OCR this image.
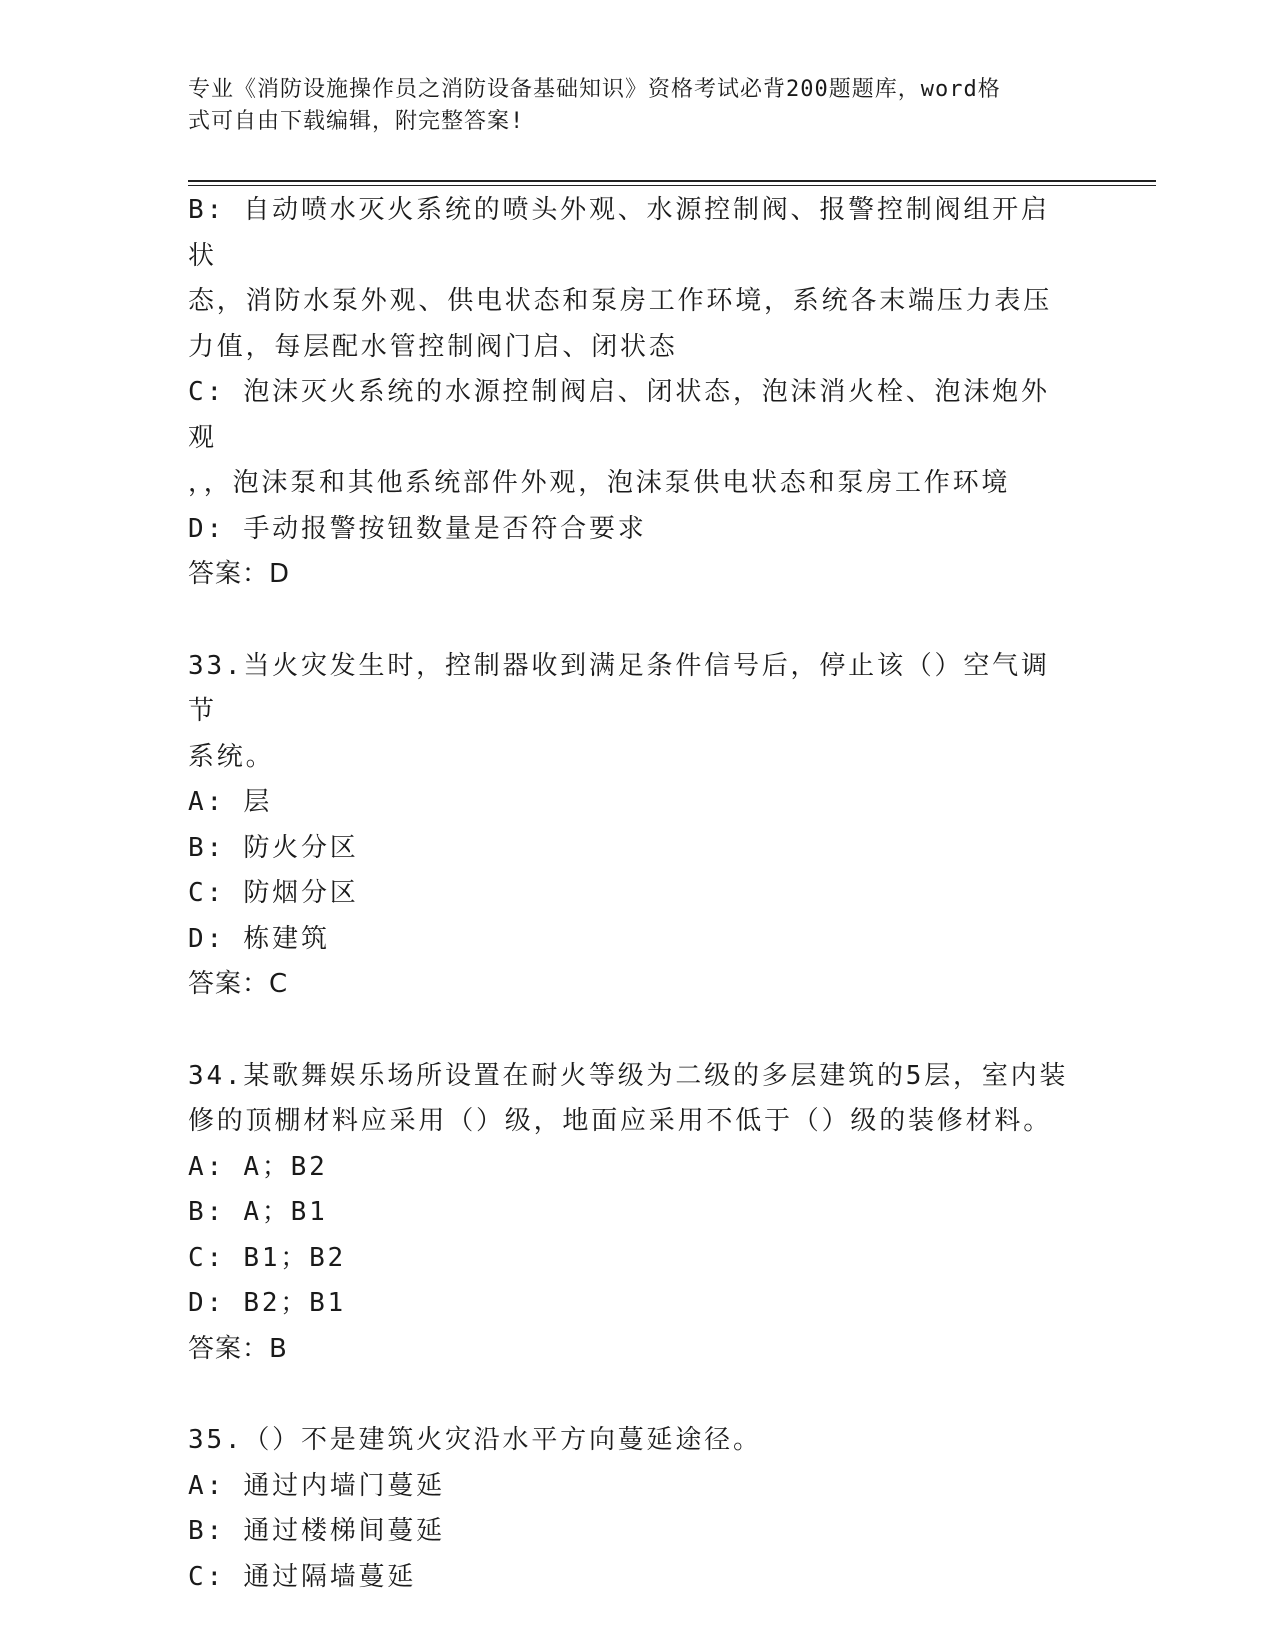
专业《消防设施操作员之消防设备基础知识》资格考试必背200题题库，word格
式可自由下载编辑，附完整答案!
B: 自动喷水灭火系统的喷头外观、水源控制阀、报警控制阀组开启状
态，消防水泵外观、供电状态和泵房工作环境，系统各末端压力表压
力值，每层配水管控制阀门启、闭状态
C: 泡沫灭火系统的水源控制阀启、闭状态，泡沫消火栓、泡沫炮外观
，，泡沫泵和其他系统部件外观，泡沫泵供电状态和泵房工作环境
D: 手动报警按钮数量是否符合要求
答案：D
33.当火灾发生时，控制器收到满足条件信号后，停止该（）空气调节
系统。
A: 层
B: 防火分区
C: 防烟分区
D: 栋建筑
答案：C
34.某歌舞娱乐场所设置在耐火等级为二级的多层建筑的5层，室内装
修的顶棚材料应采用（）级，地面应采用不低于（）级的装修材料。
A: A；B2
B: A；B1
C: B1；B2
D: B2；B1
答案：B
35.（）不是建筑火灾沿水平方向蔓延途径。
A: 通过内墙门蔓延
B: 通过楼梯间蔓延
C: 通过隔墙蔓延
